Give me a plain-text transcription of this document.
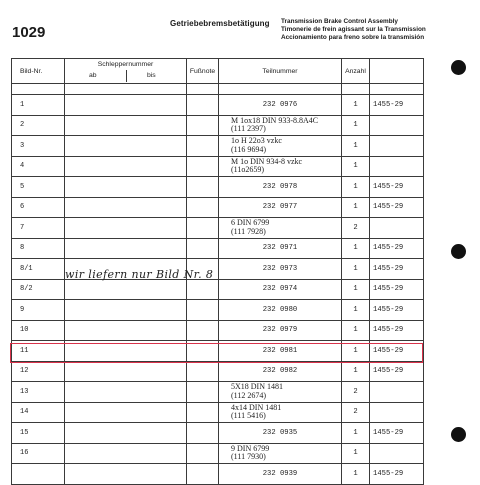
1029
Getriebebremsbetätigung Transmission Brake Control Assembly
Timonerie de frein agissant sur la Transmission
Accionamiento para freno sobre la transmisión
Bild-Nr.	Schleppernummer
ab bis	Fußnote	Teilnummer	Anzahl	

1			232 0976	1	1455-29
2			M 1ox18 DIN 933-8.8A4C
(111 2397)	1	
3			1o H 22o3 vzkc
(116 9694)	1	
4			M 1o DIN 934-8 vzkc
(11o2659)	1	
5			232 0978	1	1455-29
6			232 0977	1	1455-29
7			6 DIN 6799
(111 7928)	2	
8			232 0971	1	1455-29
8/1			232 0973	1	1455-29
8/2			232 0974	1	1455-29
9			232 0980	1	1455-29
10			232 0979	1	1455-29
11			232 0981	1	1455-29
12			232 0982	1	1455-29
13			5X18 DIN 1481
(112 2674)	2	
14			4x14 DIN 1481
(111 5416)	2	
15			232 0935	1	1455-29
16			9 DIN 6799
(111 7930)	1	
			232 0939	1	1455-29
wir liefern nur Bild Nr. 8
